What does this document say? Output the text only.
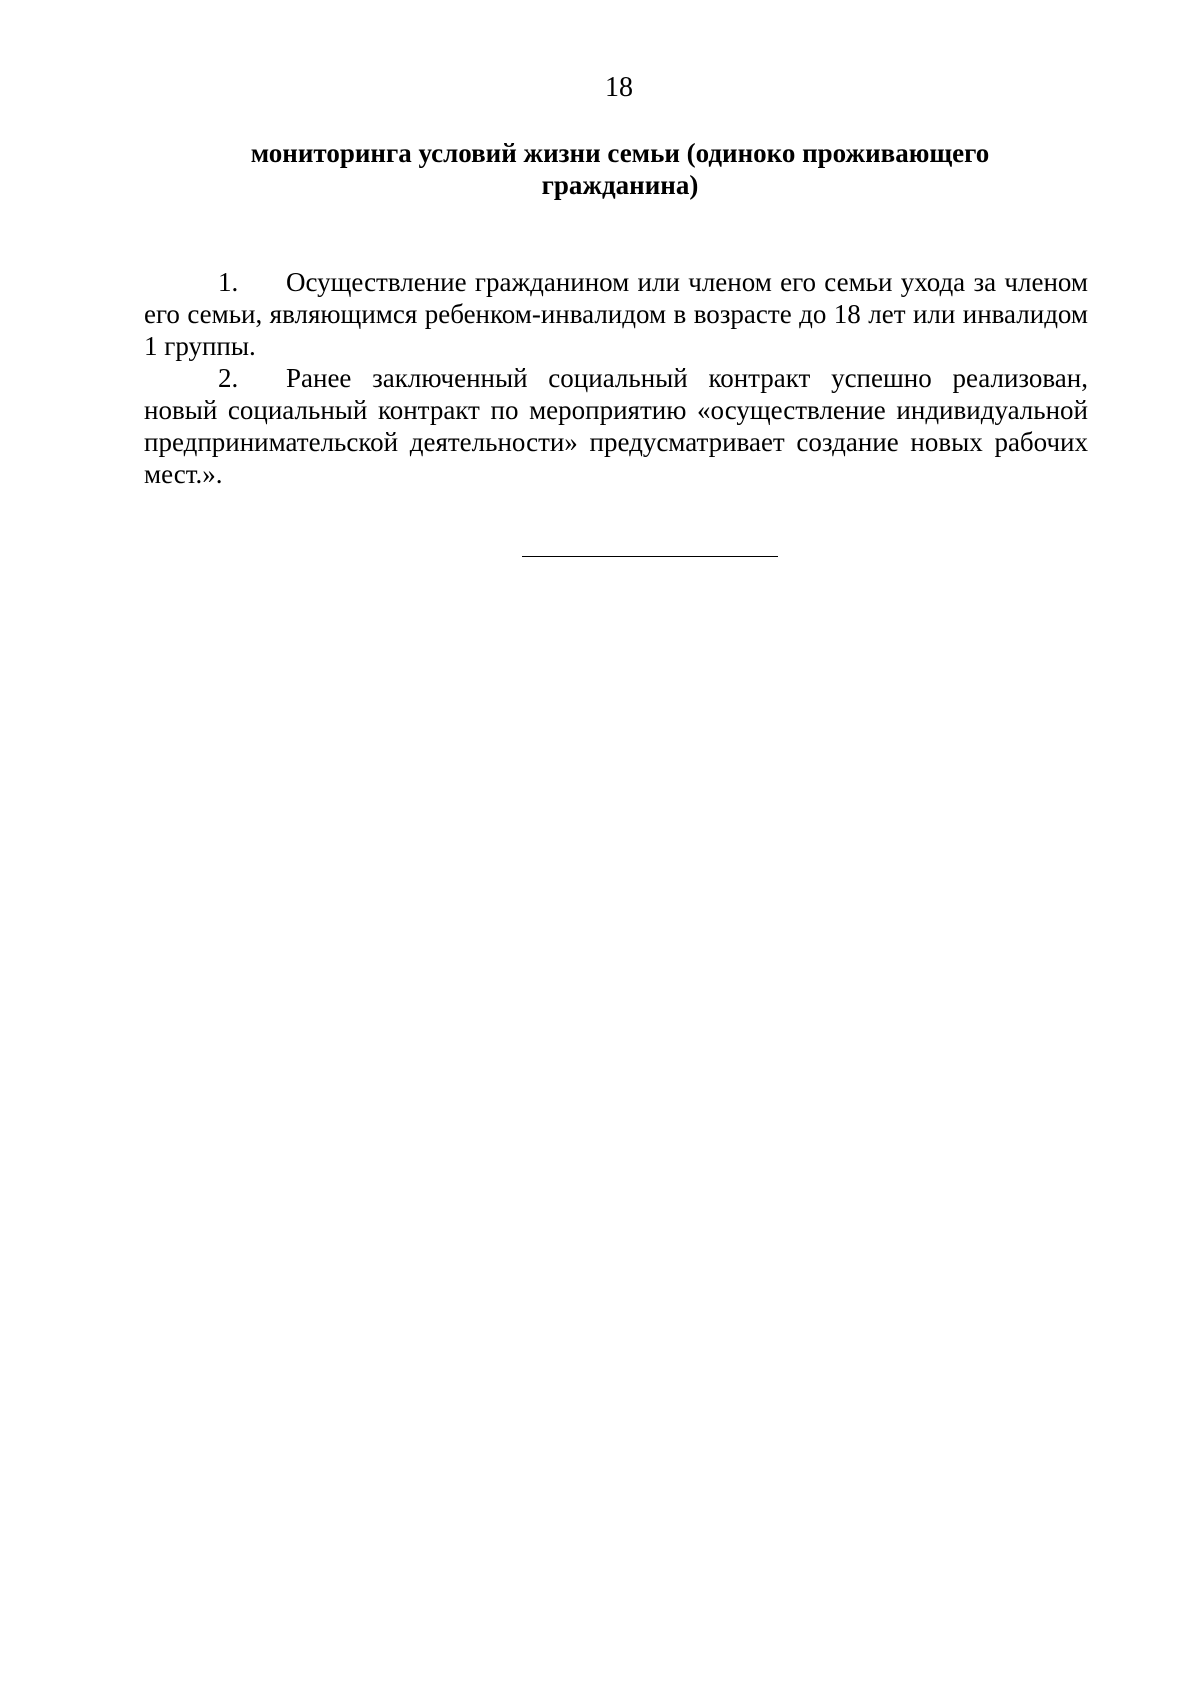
18
мониторинга условий жизни семьи (одиноко проживающего
гражданина)

1. Осуществление гражданином или членом его семьи ухода за членом его семьи, являющимся ребенком-инвалидом в возрасте до 18 лет или инвалидом 1 группы.

2. Ранее заключенный социальный контракт успешно реализован, новый социальный контракт по мероприятию «осуществление индивидуальной предпринимательской деятельности» предусматривает создание новых рабочих мест.».
